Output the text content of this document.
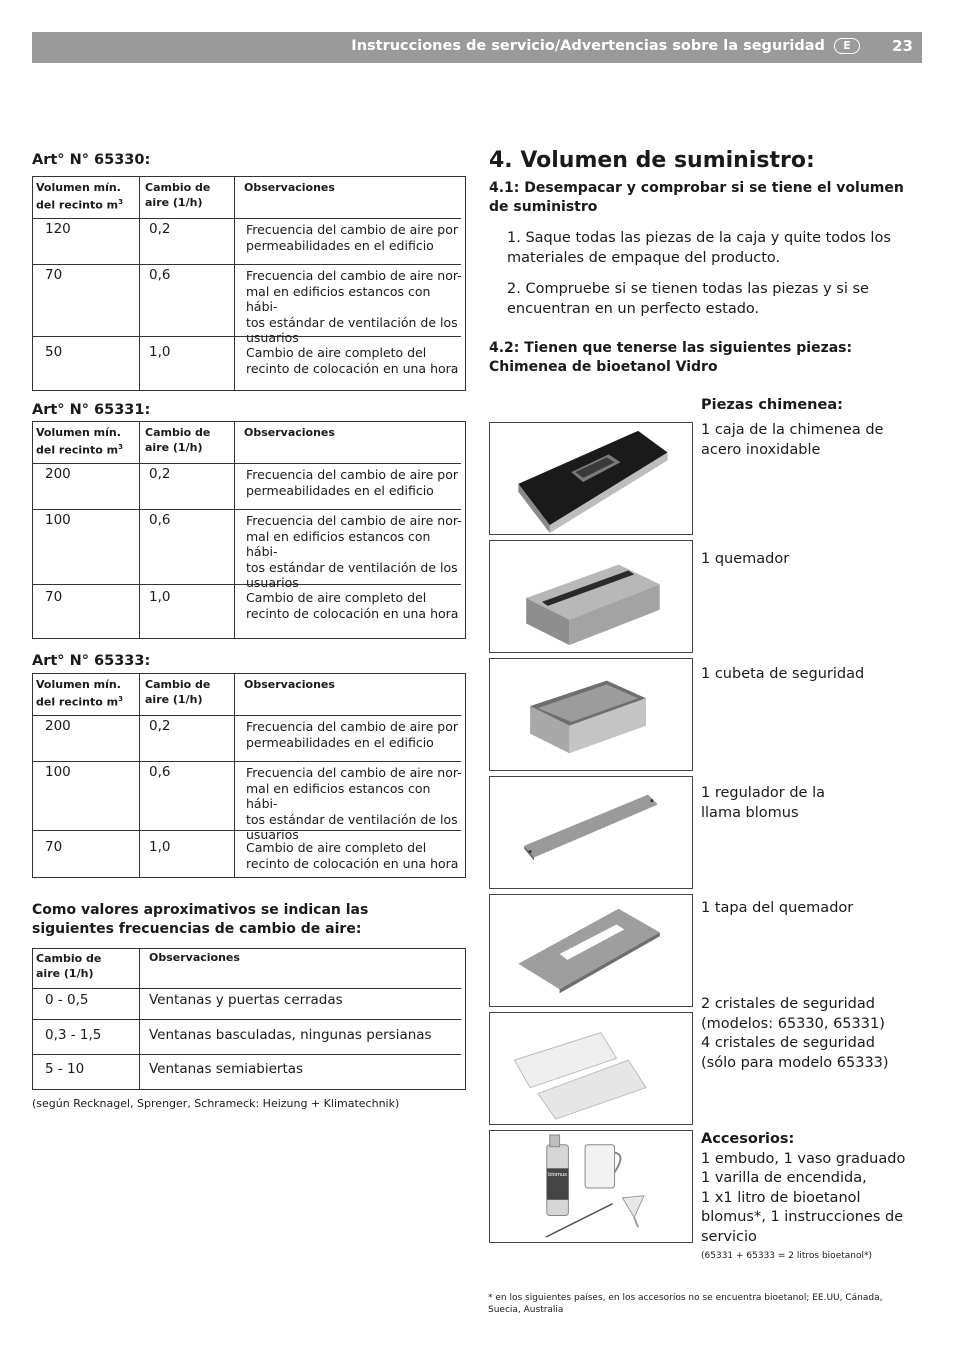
Instrucciones de servicio/Advertencias sobre la seguridad E	23
Art° N° 65330:
Volumen mín.
del recinto $m^3$
Cambio de
aire (1/h)
Observaciones
120	0,2	Frecuencia del cambio de aire por
permeabilidades en el edificio
70	0,6	Frecuencia del cambio de aire nor-
mal en edificios estancos con hábi-
tos estándar de ventilación de los
usuarios
50	1,0	Cambio de aire completo del
recinto de colocación en una hora
Art° N° 65331:
Volumen mín.
del recinto $m^3$
Cambio de
aire (1/h)
Observaciones
200	0,2	Frecuencia del cambio de aire por
permeabilidades en el edificio
100	0,6	Frecuencia del cambio de aire nor-
mal en edificios estancos con hábi-
tos estándar de ventilación de los
usuarios
70	1,0	Cambio de aire completo del
recinto de colocación en una hora
Art° N° 65333:
Volumen mín.
del recinto $m^3$
Cambio de
aire (1/h)
Observaciones
200	0,2	Frecuencia del cambio de aire por
permeabilidades en el edificio
100	0,6	Frecuencia del cambio de aire nor-
mal en edificios estancos con hábi-
tos estándar de ventilación de los
usuarios
70	1,0	Cambio de aire completo del
recinto de colocación en una hora
Como valores aproximativos se indican las
siguientes frecuencias de cambio de aire:
Cambio de
aire (1/h)
Observaciones
0 - 0,5	Ventanas y puertas cerradas
0,3 - 1,5	Ventanas basculadas, ningunas persianas
5 - 10	Ventanas semiabiertas
(según Recknagel, Sprenger, Schrameck: Heizung + Klimatechnik)
4. Volumen de suministro:
4.1: Desempacar y comprobar si se tiene el volumen
de suministro
1. Saque todas las piezas de la caja y quite todos los
materiales de empaque del producto.
2. Compruebe si se tienen todas las piezas y si se
encuentran en un perfecto estado.
4.2: Tienen que tenerse las siguientes piezas:
Chimenea de bioetanol Vidro
Piezas chimenea:
1 caja de la chimenea de
acero inoxidable
1 quemador
1 cubeta de seguridad
1 regulador de la
llama blomus
1 tapa del quemador
2 cristales de seguridad
(modelos: 65330, 65331)
4 cristales de seguridad
(sólo para modelo 65333)
blomus
Accesorios:
1 embudo, 1 vaso graduado
1 varilla de encendida,
1 x1 litro de bioetanol
blomus*, 1 instrucciones de
servicio
(65331 + 65333 = 2 litros bioetanol*)
* en los siguientes países, en los accesorios no se encuentra bioetanol; EE.UU, Cánada,
Suecia, Australia
